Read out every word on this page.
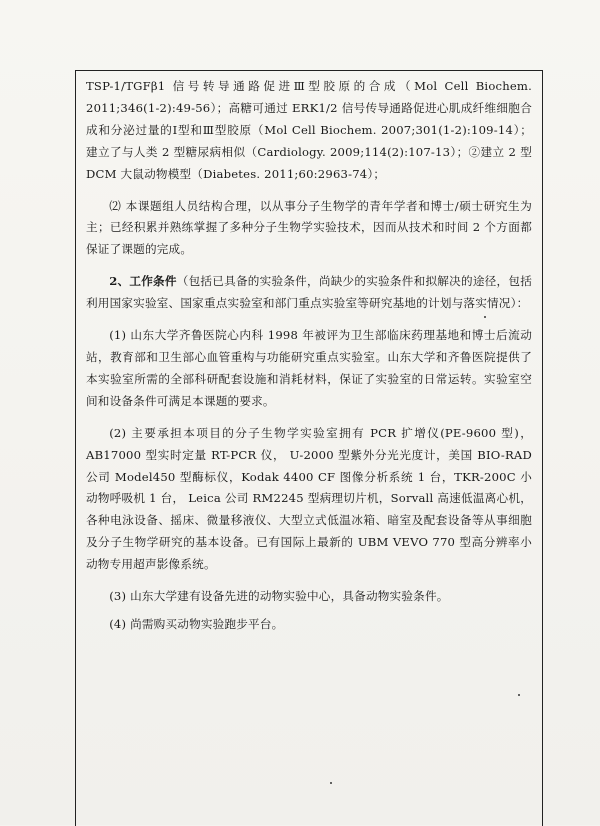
TSP-1/TGFβ1 信号转导通路促进Ⅲ型胶原的合成（Mol Cell Biochem. 2011;346(1-2):49-56）；高糖可通过 ERK1/2 信号传导通路促进心肌成纤维细胞合成和分泌过量的Ⅰ型和Ⅲ型胶原（Mol Cell Biochem. 2007;301(1-2):109-14）；建立了与人类 2 型糖尿病相似（Cardiology. 2009;114(2):107-13）；②建立 2 型 DCM 大鼠动物模型（Diabetes. 2011;60:2963-74）；

⑵ 本课题组人员结构合理，以从事分子生物学的青年学者和博士/硕士研究生为主；已经积累并熟练掌握了多种分子生物学实验技术，因而从技术和时间 2 个方面都保证了课题的完成。

2、工作条件（包括已具备的实验条件，尚缺少的实验条件和拟解决的途径，包括利用国家实验室、国家重点实验室和部门重点实验室等研究基地的计划与落实情况）：

(1) 山东大学齐鲁医院心内科 1998 年被评为卫生部临床药理基地和博士后流动站，教育部和卫生部心血管重构与功能研究重点实验室。山东大学和齐鲁医院提供了本实验室所需的全部科研配套设施和消耗材料，保证了实验室的日常运转。实验室空间和设备条件可满足本课题的要求。

(2) 主要承担本项目的分子生物学实验室拥有 PCR 扩增仪(PE-9600 型)，AB17000 型实时定量 RT-PCR 仪， U-2000 型紫外分光光度计，美国 BIO-RAD 公司 Model450 型酶标仪，Kodak 4400 CF 图像分析系统 1 台，TKR-200C 小动物呼吸机 1 台， Leica 公司 RM2245 型病理切片机，Sorvall 高速低温离心机，各种电泳设备、摇床、微量移液仪、大型立式低温冰箱、暗室及配套设备等从事细胞及分子生物学研究的基本设备。已有国际上最新的 UBM VEVO 770 型高分辨率小动物专用超声影像系统。

(3) 山东大学建有设备先进的动物实验中心，具备动物实验条件。

(4) 尚需购买动物实验跑步平台。
